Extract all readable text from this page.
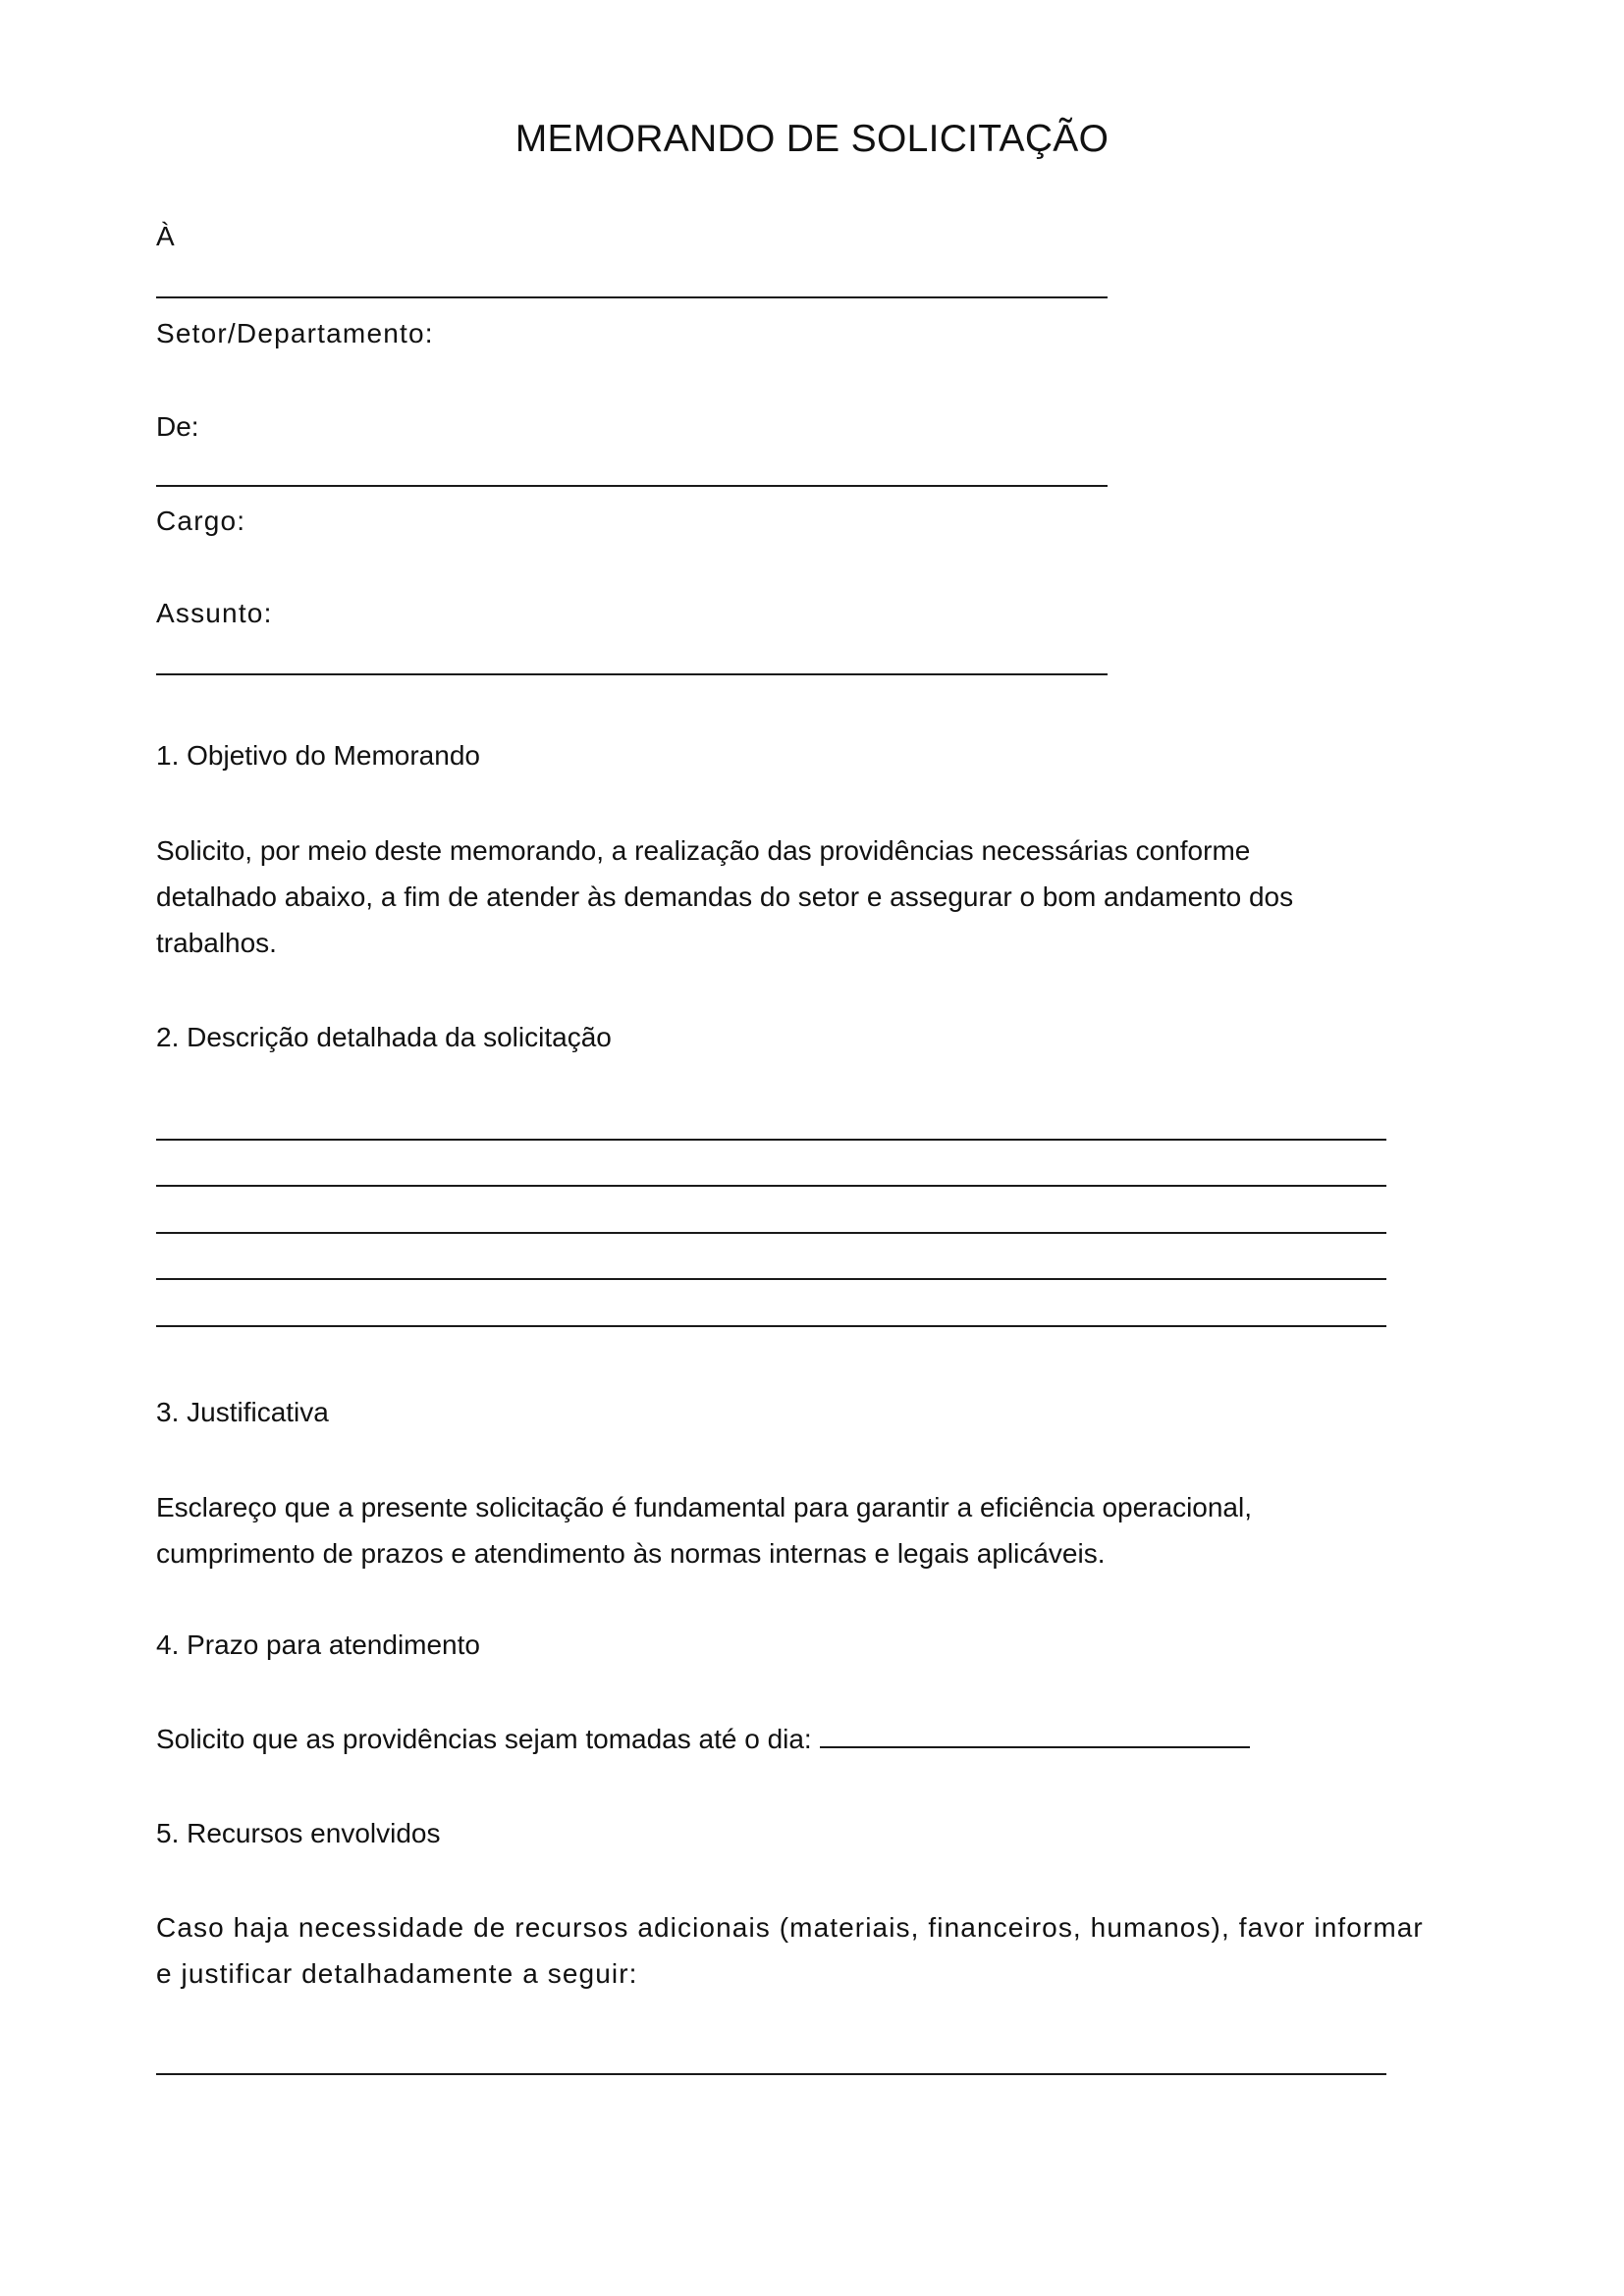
MEMORANDO DE SOLICITAÇÃO

À

Setor/Departamento:

De:

Cargo:

Assunto:

1. Objetivo do Memorando

Solicito, por meio deste memorando, a realização das providências necessárias conforme
detalhado abaixo, a fim de atender às demandas do setor e assegurar o bom andamento dos
trabalhos.

2. Descrição detalhada da solicitação

3. Justificativa

Esclareço que a presente solicitação é fundamental para garantir a eficiência operacional,
cumprimento de prazos e atendimento às normas internas e legais aplicáveis.

4. Prazo para atendimento

Solicito que as providências sejam tomadas até o dia:

5. Recursos envolvidos

Caso haja necessidade de recursos adicionais (materiais, financeiros, humanos), favor informar
e justificar detalhadamente a seguir:
